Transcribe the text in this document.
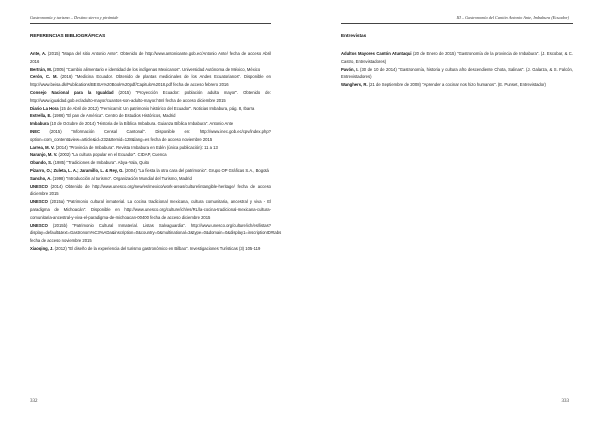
Gastronomía y turismo – Destino sierra y pirámide
REFERENCIAS BIBLIOGRÁFICAS

Ante, A. (2015) "Mapa del sitio Antonio Ante". Obtenido de http://www.antonioante.gob.ec/Antonio Ante/ fecha de acceso Abril 2016

Bertrán, M. (2005) "Cambio alimentario e identidad de los indígenas Mexicanos". Universidad Autónoma de México, México

Cerón, C. M. (2016) "Medicina Ecuador. Obtenido de plantas medicinales de los Andes Ecuatorianos". Disponible en http://www.beisa.dk/Publications/BEISA%20Book%20pdf/Capitulo%2018.pdf fecha de acceso febrero 2016

Consejo Nacional para la Igualdad (2015) "Proyección Ecuador: población adulta mayor". Obtenido de: http://www.igualdad.gob.ec/adulto-mayor/cuantos-son-adulto-mayor.html fecha de acceso diciembre 2015

Diario La Hora (15 de Abril de 2012) "Fernicamit: Un patrimonio histórico del Ecuador". Noticias Imbabura, pág. 8, Ibarra

Estrella, E. (1986) "El pan de América". Centro de Estudios Históricos, Madrid

Imbabura (10 de Octubre de 2014) "Historia de la Bíblica Imbabura. Guianza Bíblica Imbabura". Antonio Ante

INEC (2015) "Información Censal Cantonal". Disponible en: http://www.inec.gob.ec/cpv/index.php?option=com_content&view=article&id=232&Itemid=128&lang=es fecha de acceso noviembre 2015

Larrea, M. V. (2014) "Provincia de Imbabura". Revista Imbabura en Edén (única publicación): 11 a 13

Naranjo, M. V. (2002) "La cultura popular en el Ecuador". CIDAP, Cuenca

Obando, S. (1985) "Tradiciones de Imbabura". Abya-Yala, Quito

Pizarro, O.; Zuleta, L. A.; Jaramillo, L. & Rey, G. (2004) "La fiesta la otra cara del patrimonio". Grupo OP Gráficas S.A., Bogotá

Sancho, A. (1998) "Introducción al turismo". Organización Mundial del Turismo, Madrid

UNESCO (2014) Obtenido de http://www.unesco.org/new/es/mexico/work-areas/culture/intangible-heritage/ fecha de acceso diciembre 2015

UNESCO (2015a) "Patrimonio cultural inmaterial. La cocina tradicional mexicana, cultura comunitaria, ancestral y viva - El paradigma de Michoacán". Disponible en http://www.unesco.org/culture/ich/es/RL/la-cocina-tradicional-mexicana-cultura-comunitaria-ancestral-y-viva-el-paradigma-de-michoacan-00400 fecha de acceso diciembre 2015

UNESCO (2015b) "Patrimonio Cultural Inmaterial. Listas Salvaguardia". http://www.unesco.org/culture/ich/es/listas?display=default&text=Gastronom%C3%ADa&inscription=0&country=0&multinational=3&type=0&domain=0&display1=inscriptionID#tabs fecha de acceso noviembre 2015

Xiaoqing, J. (2012) "El diseño de la experiencia del turismo gastronómico en Bilbao". Investigaciones Turísticas (3) 105-119

332
III – Gastronomía del Cantón Antonio Ante, Imbabura (Ecuador)
Entrevistas

Adultos Mayores Cantón Atuntaqui (20 de Enero de 2015) "Gastronomía de la provincia de Imbabura". (J. Escobar, & C. Castro, Entrevistadores)

Pavón, I. (30 de 10 de 2014) "Gastronomía, historia y cultura afro descendiente Chota, Salinas". (J. Galarza, & S. Falcón, Entrevistadores)

Wanghers, R. (21 de Septiembre de 2008) "Aprender a cocinar nos hizo humanos". (E. Punset, Entrevistador)

333
